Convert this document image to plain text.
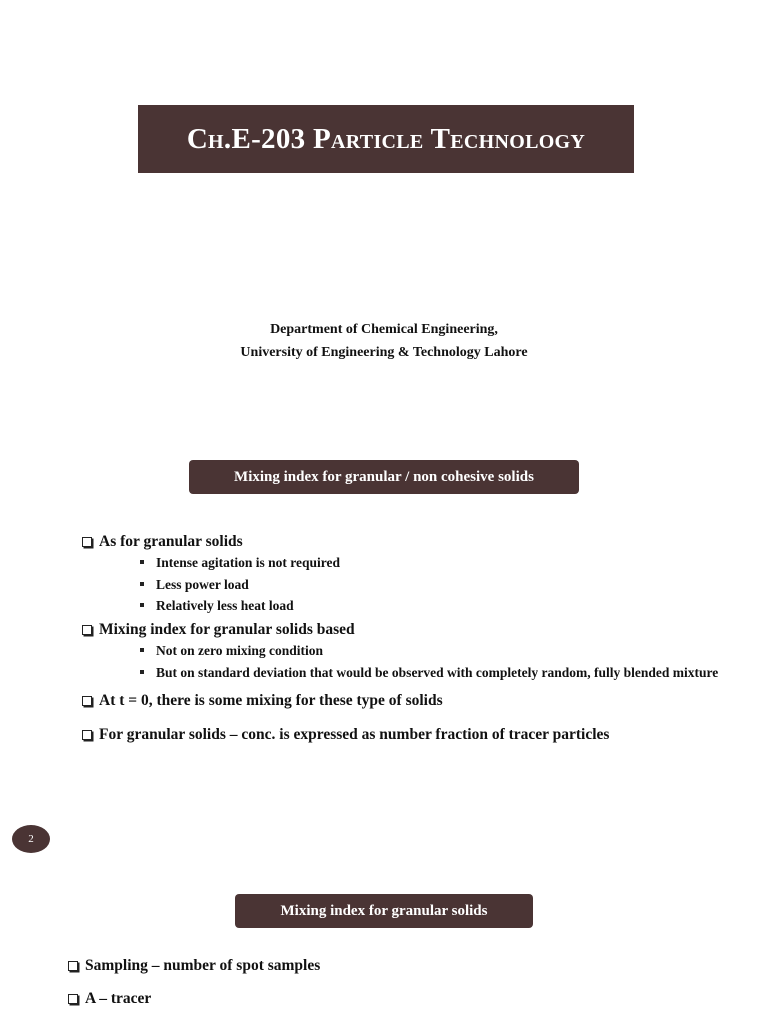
Ch.E-203 Particle Technology
Department of Chemical Engineering,
University of Engineering & Technology Lahore
Mixing index for granular / non cohesive solids
As for granular solids
Intense agitation is not required
Less power load
Relatively less heat load
Mixing index for granular solids based
Not on zero mixing condition
But on standard deviation that would be observed with completely random, fully blended mixture
At t = 0, there is some mixing for these type of solids
For granular solids – conc. is expressed as number fraction of tracer particles
2
Mixing index for granular solids
Sampling – number of spot samples
A – tracer
